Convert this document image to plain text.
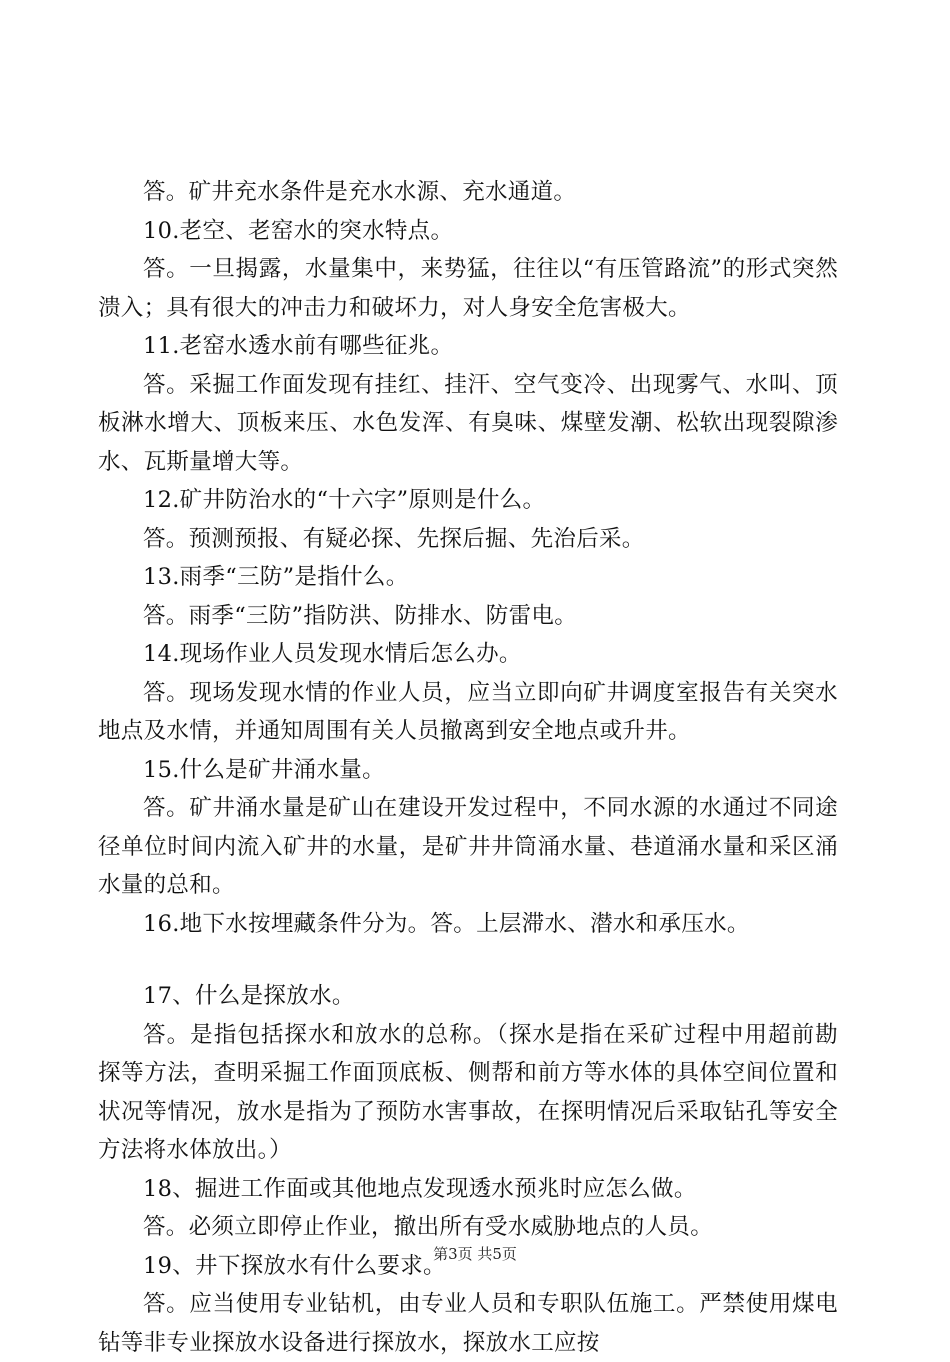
答。矿井充水条件是充水水源、充水通道。

10.老空、老窑水的突水特点。

答。一旦揭露，水量集中，来势猛，往往以“有压管路流”的形式突然溃入；具有很大的冲击力和破坏力，对人身安全危害极大。

11.老窑水透水前有哪些征兆。

答。采掘工作面发现有挂红、挂汗、空气变冷、出现雾气、水叫、顶板淋水增大、顶板来压、水色发浑、有臭味、煤壁发潮、松软出现裂隙渗水、瓦斯量增大等。

12.矿井防治水的“十六字”原则是什么。

答。预测预报、有疑必探、先探后掘、先治后采。

13.雨季“三防”是指什么。

答。雨季“三防”指防洪、防排水、防雷电。

14.现场作业人员发现水情后怎么办。

答。现场发现水情的作业人员，应当立即向矿井调度室报告有关突水地点及水情，并通知周围有关人员撤离到安全地点或升井。

15.什么是矿井涌水量。

答。矿井涌水量是矿山在建设开发过程中，不同水源的水通过不同途径单位时间内流入矿井的水量，是矿井井筒涌水量、巷道涌水量和采区涌水量的总和。

16.地下水按埋藏条件分为。答。上层滞水、潜水和承压水。

17、什么是探放水。

答。是指包括探水和放水的总称。（探水是指在采矿过程中用超前勘探等方法，查明采掘工作面顶底板、侧帮和前方等水体的具体空间位置和状况等情况，放水是指为了预防水害事故，在探明情况后采取钻孔等安全方法将水体放出。）

18、掘进工作面或其他地点发现透水预兆时应怎么做。

答。必须立即停止作业，撤出所有受水威胁地点的人员。

19、井下探放水有什么要求。

答。应当使用专业钻机，由专业人员和专职队伍施工。严禁使用煤电钻等非专业探放水设备进行探放水，探放水工应按

第3页 共5页
